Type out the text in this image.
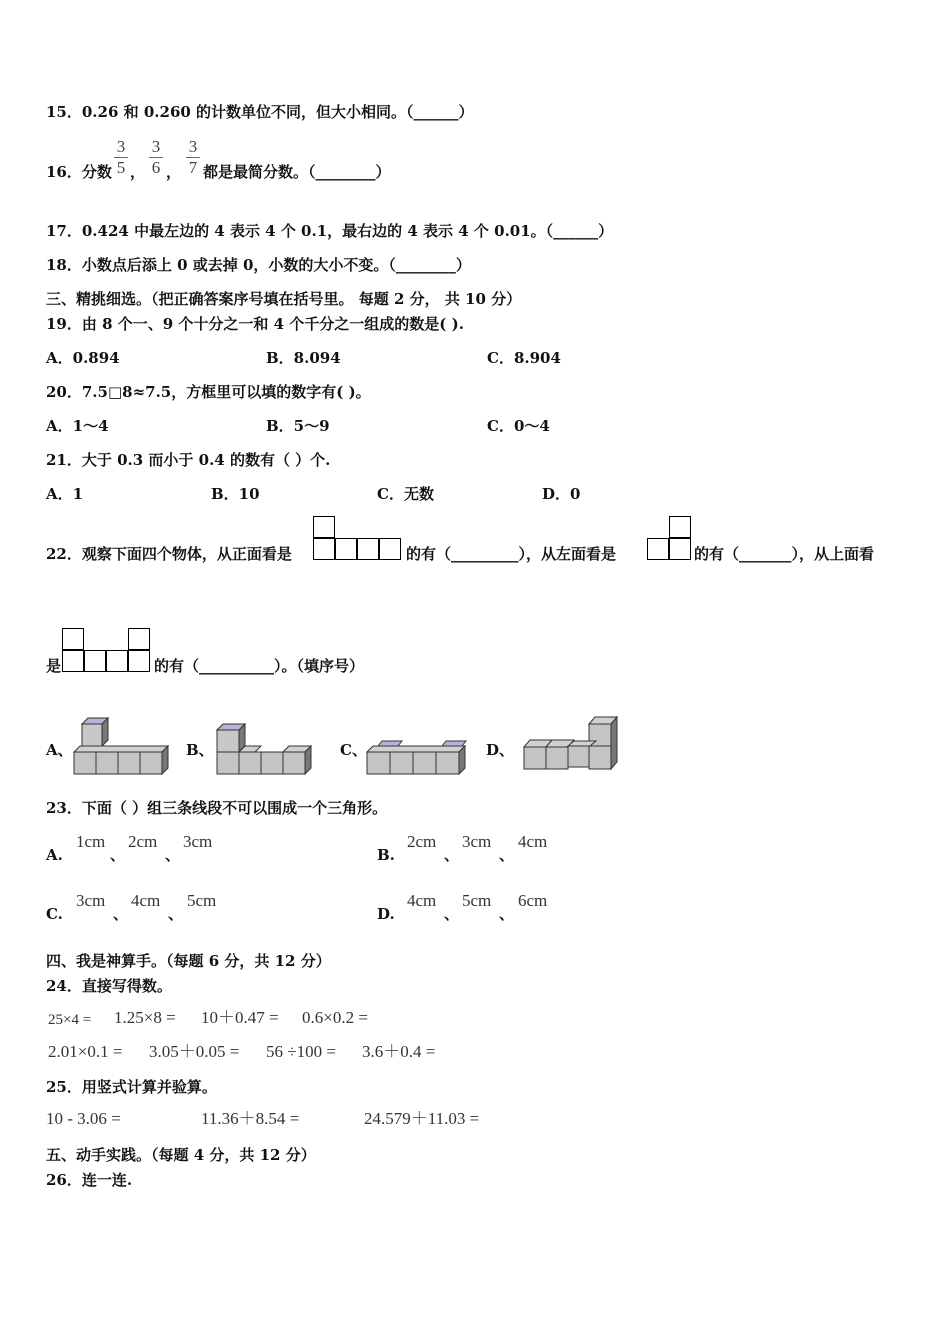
15．0.26 和 0.260 的计数单位不同，但大小相同。（______）
16．分数 $\frac{3}{5}$ ， $\frac{3}{6}$ ， $\frac{3}{7}$ 都是最简分数。（________）
17．0.424 中最左边的 4 表示 4 个 0.1，最右边的 4 表示 4 个 0.01。（______）
18．小数点后添上 0 或去掉 0，小数的大小不变。（________）
三、精挑细选。（把正确答案序号填在括号里。 每题 2 分， 共 10 分）
19．由 8 个一、9 个十分之一和 4 个千分之一组成的数是( ).
A．0.894	B．8.094	C．8.904
20．7.5□8≈7.5，方框里可以填的数字有( )。
A．1～4	B．5～9	C．0～4
21．大于 0.3 而小于 0.4 的数有（ ）个.
A．1	B．10	C．无数	D．0
22．观察下面四个物体，从正面看是	的有（_________），从左面看是	的有（_______），从上面看
是	的有（__________）。（填序号）
A、	B、	C、	D、
23．下面（ ）组三条线段不可以围成一个三角形。
A.
1cm
、
2cm
、
3cm
B.
2cm
、
3cm
、
4cm
C.
3cm
、
4cm
、
5cm
D.
4cm
、
5cm
、
6cm
四、我是神算手。（每题 6 分，共 12 分）
24．直接写得数。
25×4 = 1.25×8 = 10＋0.47 = 0.6×0.2 =
2.01×0.1 = 3.05＋0.05 = 56 ÷100 = 3.6＋0.4 =
25．用竖式计算并验算。
10 - 3.06 =	11.36＋8.54 =	24.579＋11.03 =
五、动手实践。（每题 4 分，共 12 分）
26．连一连.
